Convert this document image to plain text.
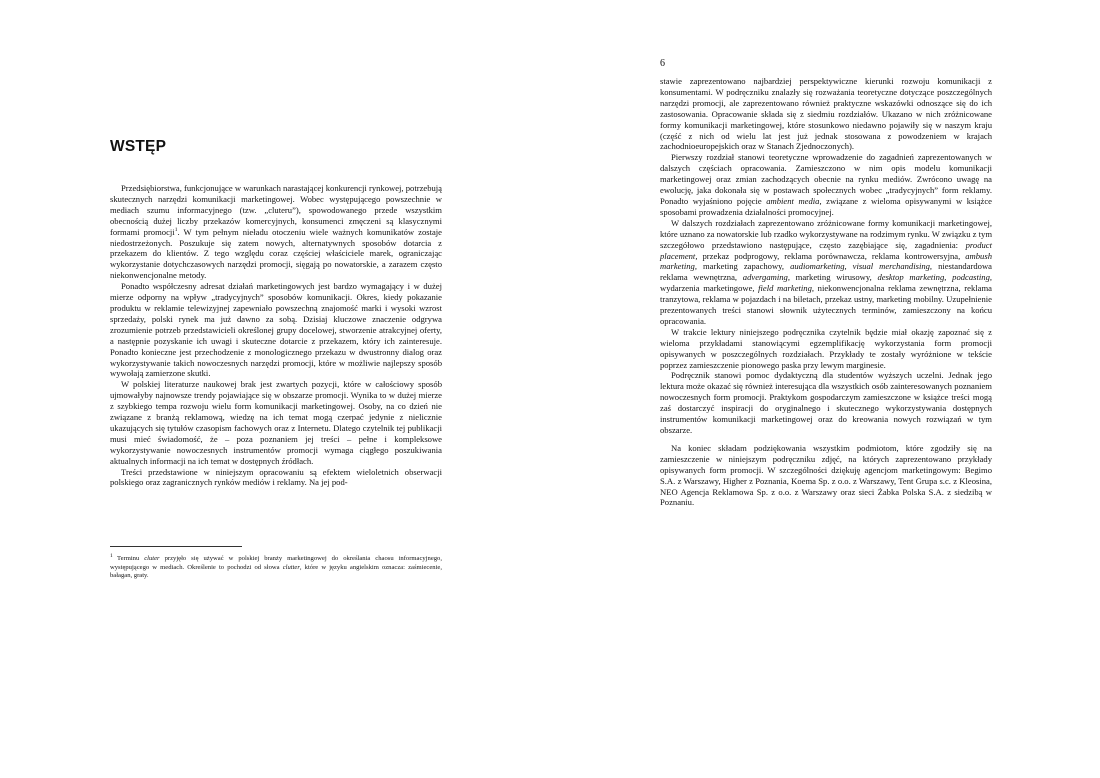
WSTĘP

Przedsiębiorstwa, funkcjonujące w warunkach narastającej konkurencji rynkowej, potrzebują skutecznych narzędzi komunikacji marketingowej. Wobec występującego powszechnie w mediach szumu informacyjnego (tzw. „cluteru”), spowodowanego przede wszystkim obecnością dużej liczby przekazów komercyjnych, konsumenci zmęczeni są klasycznymi formami promocji$^1$. W tym pełnym nieładu otoczeniu wiele ważnych komunikatów zostaje niedostrzeżonych. Poszukuje się zatem nowych, alternatywnych sposobów dotarcia z przekazem do klientów. Z tego względu coraz częściej właściciele marek, ograniczając wykorzystanie dotychczasowych narzędzi promocji, sięgają po nowatorskie, a zarazem często niekonwencjonalne metody.

Ponadto współczesny adresat działań marketingowych jest bardzo wymagający i w dużej mierze odporny na wpływ „tradycyjnych” sposobów komunikacji. Okres, kiedy pokazanie produktu w reklamie telewizyjnej zapewniało powszechną znajomość marki i wysoki wzrost sprzedaży, polski rynek ma już dawno za sobą. Dzisiaj kluczowe znaczenie odgrywa zrozumienie potrzeb przedstawicieli określonej grupy docelowej, stworzenie atrakcyjnej oferty, a następnie pozyskanie ich uwagi i skuteczne dotarcie z przekazem, który ich zainteresuje. Ponadto konieczne jest przechodzenie z monologicznego przekazu w dwustronny dialog oraz wykorzystywanie takich nowoczesnych narzędzi promocji, które w możliwie najlepszy sposób wywołają zamierzone skutki.

W polskiej literaturze naukowej brak jest zwartych pozycji, które w całościowy sposób ujmowałyby najnowsze trendy pojawiające się w obszarze promocji. Wynika to w dużej mierze z szybkiego tempa rozwoju wielu form komunikacji marketingowej. Osoby, na co dzień nie związane z branżą reklamową, wiedzę na ich temat mogą czerpać jedynie z nielicznie ukazujących się tytułów czasopism fachowych oraz z Internetu. Dlatego czytelnik tej publikacji musi mieć świadomość, że – poza poznaniem jej treści – pełne i kompleksowe wykorzystywanie nowoczesnych instrumentów promocji wymaga ciągłego poszukiwania aktualnych informacji na ich temat w dostępnych źródłach.

Treści przedstawione w niniejszym opracowaniu są efektem wieloletnich obserwacji polskiego oraz zagranicznych rynków mediów i reklamy. Na jej pod-

$^1$ Terminu cluter przyjęło się używać w polskiej branży marketingowej do określania chaosu informacyjnego, występującego w mediach. Określenie to pochodzi od słowa clutter, które w języku angielskim oznacza: zaśmiecenie, bałagan, graty.
6

stawie zaprezentowano najbardziej perspektywiczne kierunki rozwoju komunikacji z konsumentami. W podręczniku znalazły się rozważania teoretyczne dotyczące poszczególnych narzędzi promocji, ale zaprezentowano również praktyczne wskazówki odnoszące się do ich zastosowania. Opracowanie składa się z siedmiu rozdziałów. Ukazano w nich zróżnicowane formy komunikacji marketingowej, które stosunkowo niedawno pojawiły się w naszym kraju (część z nich od wielu lat jest już jednak stosowana z powodzeniem w krajach zachodnioeuropejskich oraz w Stanach Zjednoczonych).

Pierwszy rozdział stanowi teoretyczne wprowadzenie do zagadnień zaprezentowanych w dalszych częściach opracowania. Zamieszczono w nim opis modelu komunikacji marketingowej oraz zmian zachodzących obecnie na rynku mediów. Zwrócono uwagę na ewolucję, jaka dokonała się w postawach społecznych wobec „tradycyjnych” form reklamy. Ponadto wyjaśniono pojęcie ambient media, związane z wieloma opisywanymi w książce sposobami prowadzenia działalności promocyjnej.

W dalszych rozdziałach zaprezentowano zróżnicowane formy komunikacji marketingowej, które uznano za nowatorskie lub rzadko wykorzystywane na rodzimym rynku. W związku z tym szczegółowo przedstawiono następujące, często zazębiające się, zagadnienia: product placement, przekaz podprogowy, reklama porównawcza, reklama kontrowersyjna, ambush marketing, marketing zapachowy, audiomarketing, visual merchandising, niestandardowa reklama wewnętrzna, advergaming, marketing wirusowy, desktop marketing, podcasting, wydarzenia marketingowe, field marketing, niekonwencjonalna reklama zewnętrzna, reklama tranzytowa, reklama w pojazdach i na biletach, przekaz ustny, marketing mobilny. Uzupełnienie prezentowanych treści stanowi słownik użytecznych terminów, zamieszczony na końcu opracowania.

W trakcie lektury niniejszego podręcznika czytelnik będzie miał okazję zapoznać się z wieloma przykładami stanowiącymi egzemplifikację wykorzystania form promocji opisywanych w poszczególnych rozdziałach. Przykłady te zostały wyróżnione w tekście poprzez zamieszczenie pionowego paska przy lewym marginesie.

Podręcznik stanowi pomoc dydaktyczną dla studentów wyższych uczelni. Jednak jego lektura może okazać się również interesująca dla wszystkich osób zainteresowanych poznaniem nowoczesnych form promocji. Praktykom gospodarczym zamieszczone w książce treści mogą zaś dostarczyć inspiracji do oryginalnego i skutecznego wykorzystywania dostępnych instrumentów komunikacji marketingowej oraz do kreowania nowych rozwiązań w tym obszarze.

Na koniec składam podziękowania wszystkim podmiotom, które zgodziły się na zamieszczenie w niniejszym podręczniku zdjęć, na których zaprezentowano przykłady opisywanych form promocji. W szczególności dziękuję agencjom marketingowym: Begimo S.A. z Warszawy, Higher z Poznania, Koema Sp. z o.o. z Warszawy, Tent Grupa s.c. z Kleosina, NEO Agencja Reklamowa Sp. z o.o. z Warszawy oraz sieci Żabka Polska S.A. z siedzibą w Poznaniu.
